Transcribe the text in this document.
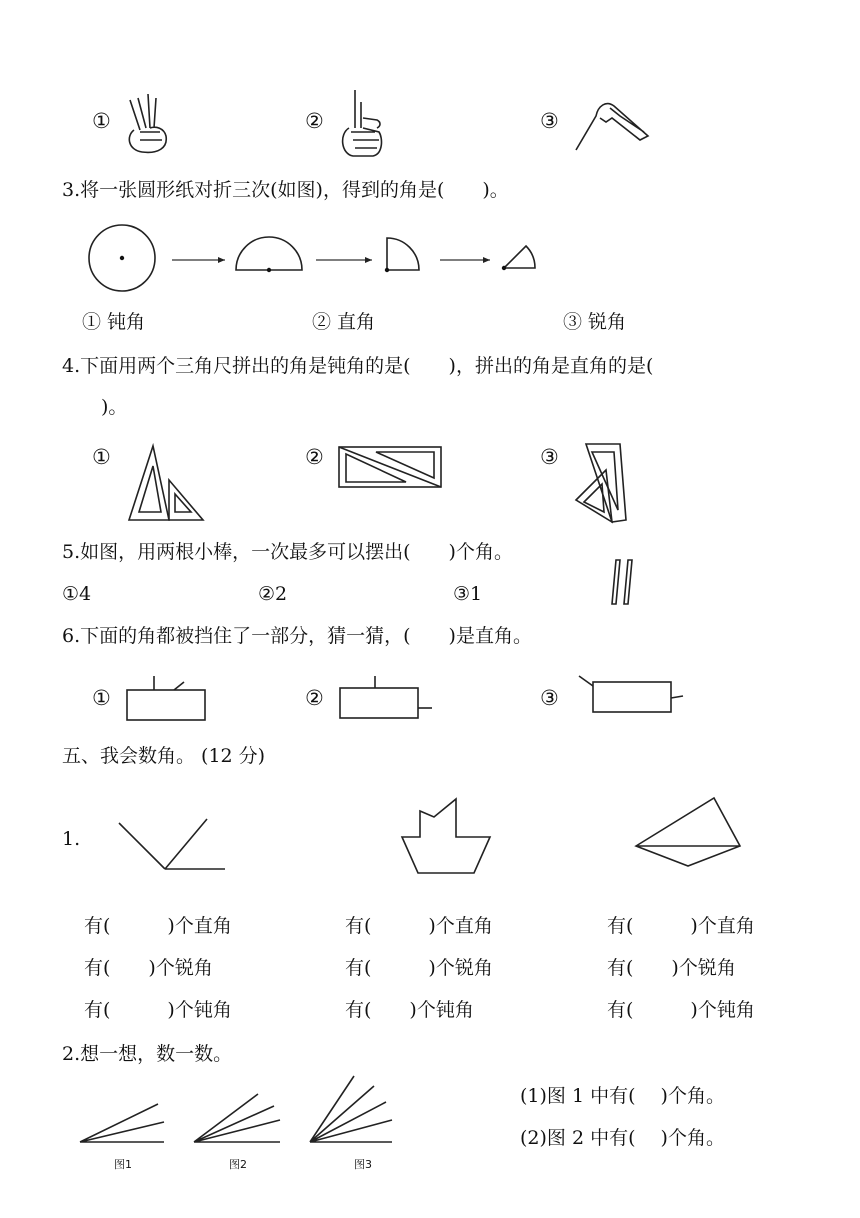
①	②	③
3.将一张圆形纸对折三次(如图)，得到的角是(　　)。
① 钝角	② 直角	③ 锐角
4.下面用两个三角尺拼出的角是钝角的是(　　)，拼出的角是直角的是(
　)。
①	②	③
5.如图，用两根小棒，一次最多可以摆出(　　)个角。
①4	②2	③1
6.下面的角都被挡住了一部分，猜一猜，(　　)是直角。
①	②	③
五、我会数角。 (12 分)
1.
有(　　　)个直角	有(　　　)个直角	有(　　　)个直角
有(　　)个锐角	有(　　　)个锐角	有(　　)个锐角
有(　　　)个钝角	有(　　)个钝角	有(　　　)个钝角
2.想一想，数一数。
图1	图2	图3
(1)图 1 中有(　 )个角。
(2)图 2 中有(　 )个角。
